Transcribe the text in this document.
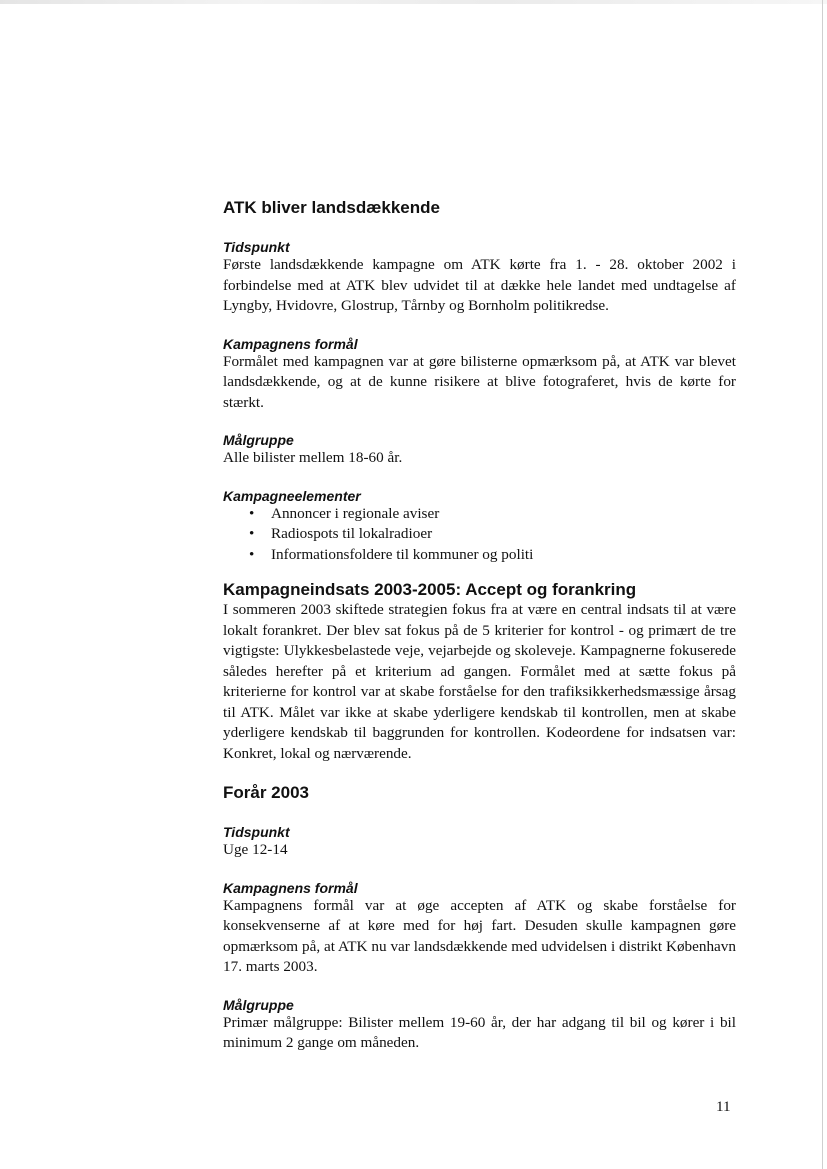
ATK bliver landsdækkende
Tidspunkt

Første landsdækkende kampagne om ATK kørte fra 1. - 28. oktober 2002 i forbindelse med at ATK blev udvidet til at dække hele landet med undtagelse af Lyngby, Hvidovre, Glostrup, Tårnby og Bornholm politikredse.

Kampagnens formål

Formålet med kampagnen var at gøre bilisterne opmærksom på, at ATK var blevet landsdækkende, og at de kunne risikere at blive fotograferet, hvis de kørte for stærkt.

Målgruppe

Alle bilister mellem 18-60 år.

Kampagneelementer
• Annoncer i regionale aviser
• Radiospots til lokalradioer
• Informationsfoldere til kommuner og politi
Kampagneindsats 2003-2005: Accept og forankring

I sommeren 2003 skiftede strategien fokus fra at være en central indsats til at være lokalt forankret. Der blev sat fokus på de 5 kriterier for kontrol - og primært de tre vigtigste: Ulykkesbelastede veje, vejarbejde og skoleveje. Kampagnerne fokuserede således herefter på et kriterium ad gangen. Formålet med at sætte fokus på kriterierne for kontrol var at skabe forståelse for den trafiksikkerhedsmæssige årsag til ATK. Målet var ikke at skabe yderligere kendskab til kontrollen, men at skabe yderligere kendskab til baggrunden for kontrollen. Kodeordene for indsatsen var: Konkret, lokal og nærværende.

Forår 2003
Tidspunkt

Uge 12-14

Kampagnens formål

Kampagnens formål var at øge accepten af ATK og skabe forståelse for konsekvenserne af at køre med for høj fart. Desuden skulle kampagnen gøre opmærksom på, at ATK nu var landsdækkende med udvidelsen i distrikt København 17. marts 2003.

Målgruppe

Primær målgruppe: Bilister mellem 19-60 år, der har adgang til bil og kører i bil minimum 2 gange om måneden.

11
